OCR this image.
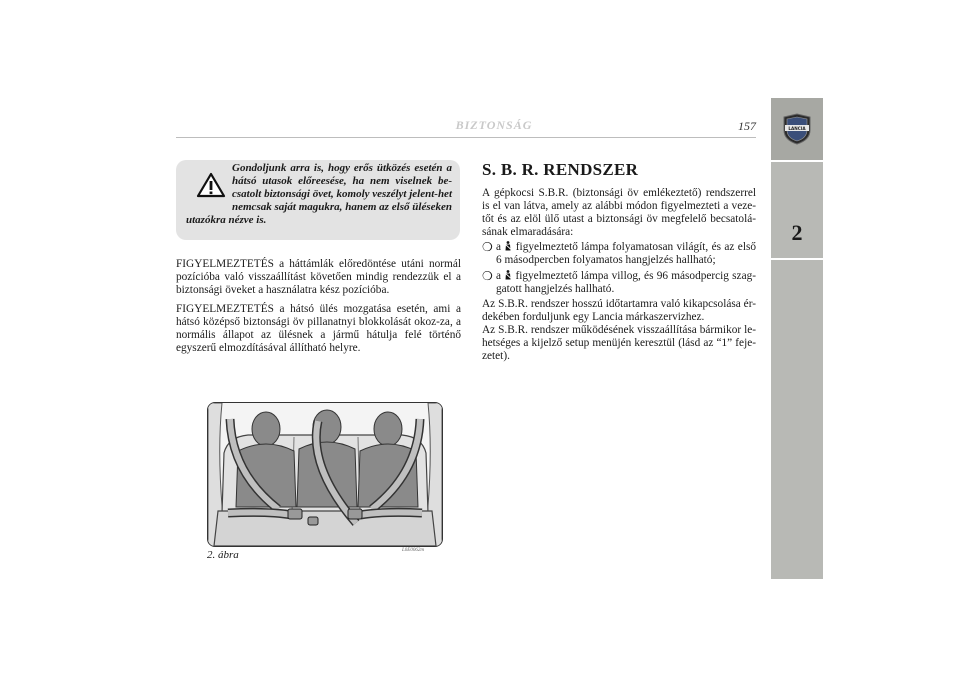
BIZTONSÁG	157	LANCIA
2

Gondoljunk arra is, hogy erős ütközés esetén a hátsó utasok előreesése, ha nem viselnek be-csatolt biztonsági övet, komoly veszélyt jelent-het nemcsak saját magukra, hanem az első üléseken utazókra nézve is.

FIGYELMEZTETÉS a háttámlák előredöntése utáni normál pozícióba való visszaállítást követően mindig rendezzük el a biztonsági öveket a használatra kész pozícióba.

FIGYELMEZTETÉS a hátsó ülés mozgatása esetén, ami a hátsó középső biztonsági öv pillanatnyi blokkolását okoz-za, a normális állapot az ülésnek a jármű hátulja felé történő egyszerű elmozdításával állítható helyre.

2. ábra	L0E0062m
S. B. R. RENDSZER

A gépkocsi S.B.R. (biztonsági öv emlékeztető) rendszerrel is el van látva, amely az alábbi módon figyelmezteti a veze-tőt és az elöl ülő utast a biztonsági öv megfelelő becsatolá-sának elmaradására:

❍ a figyelmeztető lámpa folyamatosan világít, és az első 6 másodpercben folyamatos hangjelzés hallható;

❍ a figyelmeztető lámpa villog, és 96 másodpercig szag-gatott hangjelzés hallható.

Az S.B.R. rendszer hosszú időtartamra való kikapcsolása ér-dekében forduljunk egy Lancia márkaszervizhez.

Az S.B.R. rendszer működésének visszaállítása bármikor le-hetséges a kijelző setup menüjén keresztül (lásd az “1” feje-zetet).
